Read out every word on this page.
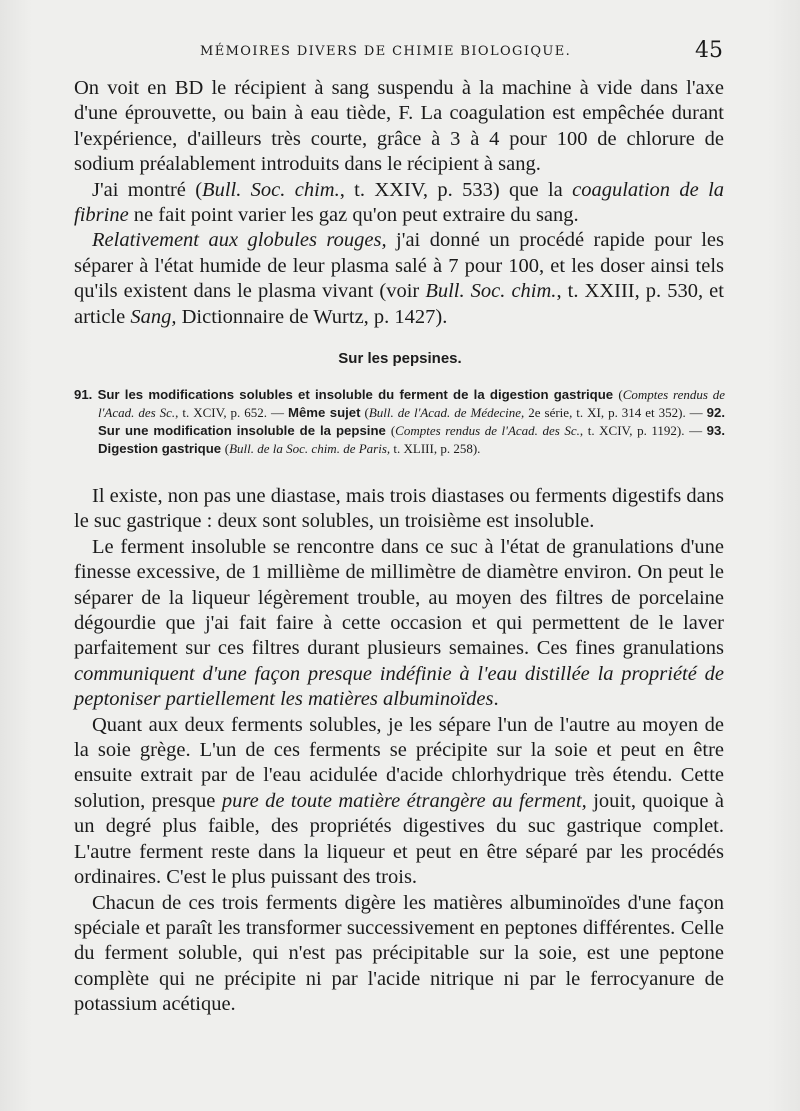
MÉMOIRES DIVERS DE CHIMIE BIOLOGIQUE.	45

On voit en BD le récipient à sang suspendu à la machine à vide dans l'axe d'une éprouvette, ou bain à eau tiède, F. La coagulation est empêchée durant l'expérience, d'ailleurs très courte, grâce à 3 à 4 pour 100 de chlorure de sodium préalablement introduits dans le récipient à sang.

J'ai montré (Bull. Soc. chim., t. XXIV, p. 533) que la coagulation de la fibrine ne fait point varier les gaz qu'on peut extraire du sang.

Relativement aux globules rouges, j'ai donné un procédé rapide pour les séparer à l'état humide de leur plasma salé à 7 pour 100, et les doser ainsi tels qu'ils existent dans le plasma vivant (voir Bull. Soc. chim., t. XXIII, p. 530, et article Sang, Dictionnaire de Wurtz, p. 1427).

Sur les pepsines.
91. Sur les modifications solubles et insoluble du ferment de la digestion gastrique (Comptes rendus de l'Acad. des Sc., t. XCIV, p. 652. — Même sujet (Bull. de l'Acad. de Médecine, 2e série, t. XI, p. 314 et 352). — 92. Sur une modification insoluble de la pepsine (Comptes rendus de l'Acad. des Sc., t. XCIV, p. 1192). — 93. Digestion gastrique (Bull. de la Soc. chim. de Paris, t. XLIII, p. 258).

Il existe, non pas une diastase, mais trois diastases ou ferments digestifs dans le suc gastrique : deux sont solubles, un troisième est insoluble.

Le ferment insoluble se rencontre dans ce suc à l'état de granulations d'une finesse excessive, de 1 millième de millimètre de diamètre environ. On peut le séparer de la liqueur légèrement trouble, au moyen des filtres de porcelaine dégourdie que j'ai fait faire à cette occasion et qui permettent de le laver parfaitement sur ces filtres durant plusieurs semaines. Ces fines granulations communiquent d'une façon presque indéfinie à l'eau distillée la propriété de peptoniser partiellement les matières albuminoïdes.

Quant aux deux ferments solubles, je les sépare l'un de l'autre au moyen de la soie grège. L'un de ces ferments se précipite sur la soie et peut en être ensuite extrait par de l'eau acidulée d'acide chlorhydrique très étendu. Cette solution, presque pure de toute matière étrangère au ferment, jouit, quoique à un degré plus faible, des propriétés digestives du suc gastrique complet. L'autre ferment reste dans la liqueur et peut en être séparé par les procédés ordinaires. C'est le plus puissant des trois.

Chacun de ces trois ferments digère les matières albuminoïdes d'une façon spéciale et paraît les transformer successivement en peptones différentes. Celle du ferment soluble, qui n'est pas précipitable sur la soie, est une peptone complète qui ne précipite ni par l'acide nitrique ni par le ferrocyanure de potassium acétique.
